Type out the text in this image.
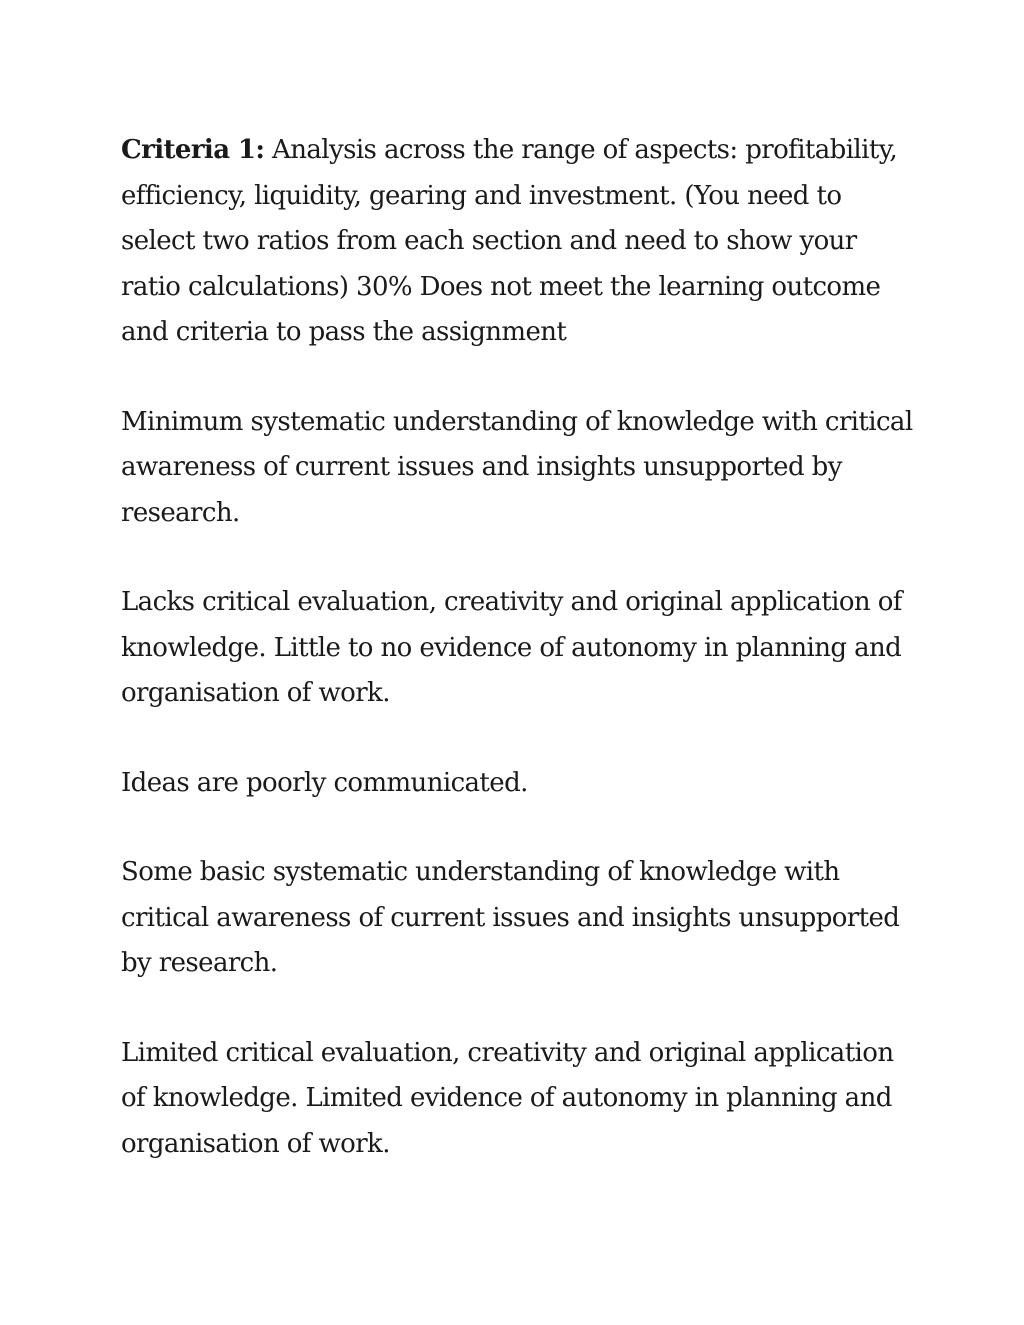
Criteria 1: Analysis across the range of aspects: profitability, efficiency, liquidity, gearing and investment. (You need to select two ratios from each section and need to show your ratio calculations) 30% Does not meet the learning outcome and criteria to pass the assignment

Minimum systematic understanding of knowledge with critical awareness of current issues and insights unsupported by research.

Lacks critical evaluation, creativity and original application of knowledge. Little to no evidence of autonomy in planning and organisation of work.

Ideas are poorly communicated.

Some basic systematic understanding of knowledge with critical awareness of current issues and insights unsupported by research.

Limited critical evaluation, creativity and original application of knowledge. Limited evidence of autonomy in planning and organisation of work.
